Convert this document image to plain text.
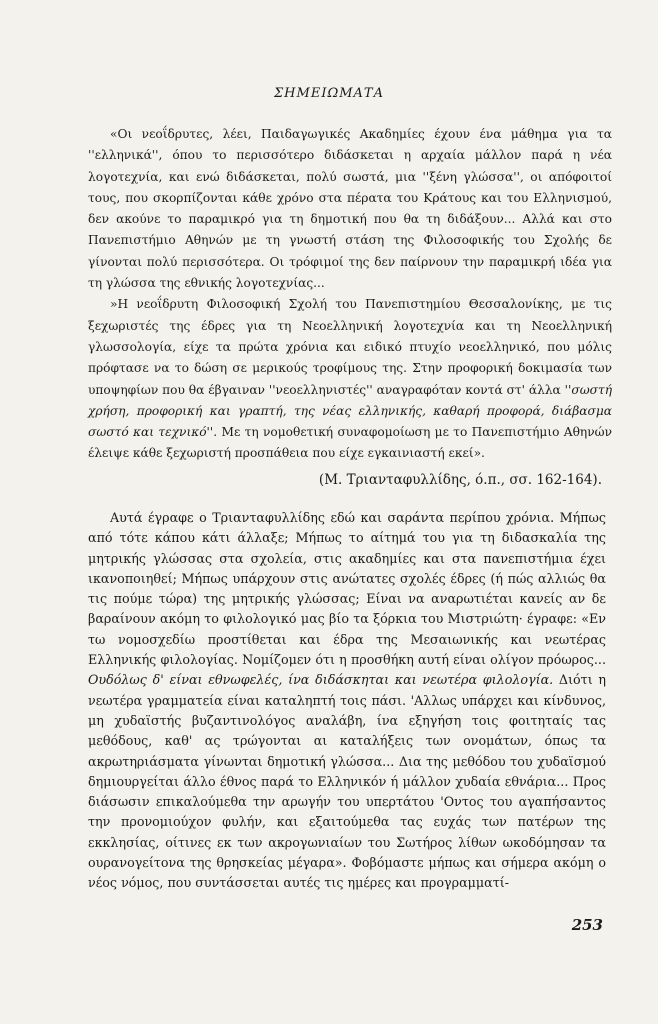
ΣΗΜΕΙΩΜΑΤΑ

«Οι νεοΐδρυτες, λέει, Παιδαγωγικές Ακαδημίες έχουν ένα μάθημα για τα ''ελληνικά'', όπου το περισσότερο διδάσκεται η αρχαία μάλλον παρά η νέα λογοτεχνία, και ενώ διδάσκεται, πολύ σωστά, μια ''ξένη γλώσσα'', οι απόφοιτοί τους, που σκορπίζονται κάθε χρόνο στα πέρατα του Κράτους και του Ελληνισμού, δεν ακούνε το παραμικρό για τη δημοτική που θα τη διδάξουν... Αλλά και στο Πανεπιστήμιο Αθηνών με τη γνωστή στάση της Φιλοσοφικής του Σχολής δε γίνονται πολύ περισσότερα. Οι τρόφιμοί της δεν παίρνουν την παραμικρή ιδέα για τη γλώσσα της εθνικής λογοτεχνίας...

»Η νεοΐδρυτη Φιλοσοφική Σχολή του Πανεπιστημίου Θεσσαλονίκης, με τις ξεχωριστές της έδρες για τη Νεοελληνική λογοτεχνία και τη Νεοελληνική γλωσσολογία, είχε τα πρώτα χρόνια και ειδικό πτυχίο νεοελληνικό, που μόλις πρόφτασε να το δώση σε μερικούς τροφίμους της. Στην προφορική δοκιμασία των υποψηφίων που θα έβγαιναν ''νεοελληνιστές'' αναγραφόταν κοντά στ' άλλα ''σωστή χρήση, προφορική και γραπτή, της νέας ελληνικής, καθαρή προφορά, διάβασμα σωστό και τεχνικό''. Με τη νομοθετική συναφομοίωση με το Πανεπιστήμιο Αθηνών έλειψε κάθε ξεχωριστή προσπάθεια που είχε εγκαινιαστή εκεί».

(Μ. Τριανταφυλλίδης, ό.π., σσ. 162-164).

Αυτά έγραφε ο Τριανταφυλλίδης εδώ και σαράντα περίπου χρόνια. Μήπως από τότε κάπου κάτι άλλαξε; Μήπως το αίτημά του για τη διδασκαλία της μητρικής γλώσσας στα σχολεία, στις ακαδημίες και στα πανεπιστήμια έχει ικανοποιηθεί; Μήπως υπάρχουν στις ανώτατες σχολές έδρες (ή πώς αλλιώς θα τις πούμε τώρα) της μητρικής γλώσσας; Είναι να αναρωτιέται κανείς αν δε βαραίνουν ακόμη το φιλολογικό μας βίο τα ξόρκια του Μιστριώτη· έγραφε: «Εν τω νομοσχεδίω προστίθεται και έδρα της Μεσαιωνικής και νεωτέρας Ελληνικής φιλολογίας. Νομίζομεν ότι η προσθήκη αυτή είναι ολίγον πρόωρος... Ουδόλως δ' είναι εθνωφελές, ίνα διδάσκηται και νεωτέρα φιλολογία. Διότι η νεωτέρα γραμματεία είναι καταληπτή τοις πάσι. 'Αλλως υπάρχει και κίνδυνος, μη χυδαϊστής βυζαντινολόγος αναλάβη, ίνα εξηγήση τοις φοιτηταίς τας μεθόδους, καθ' ας τρώγονται αι καταλήξεις των ονομάτων, όπως τα ακρωτηριάσματα γίνωνται δημοτική γλώσσα... Δια της μεθόδου του χυδαϊσμού δημιουργείται άλλο έθνος παρά το Ελληνικόν ή μάλλον χυδαία εθνάρια... Προς διάσωσιν επικαλούμεθα την αρωγήν του υπερτάτου 'Οντος του αγαπήσαντος την προνομιούχον φυλήν, και εξαιτούμεθα τας ευχάς των πατέρων της εκκλησίας, οίτινες εκ των ακρογωνιαίων του Σωτήρος λίθων ωκοδόμησαν τα ουρανογείτονα της θρησκείας μέγαρα». Φοβόμαστε μήπως και σήμερα ακόμη ο νέος νόμος, που συντάσσεται αυτές τις ημέρες και προγραμματί-

253
